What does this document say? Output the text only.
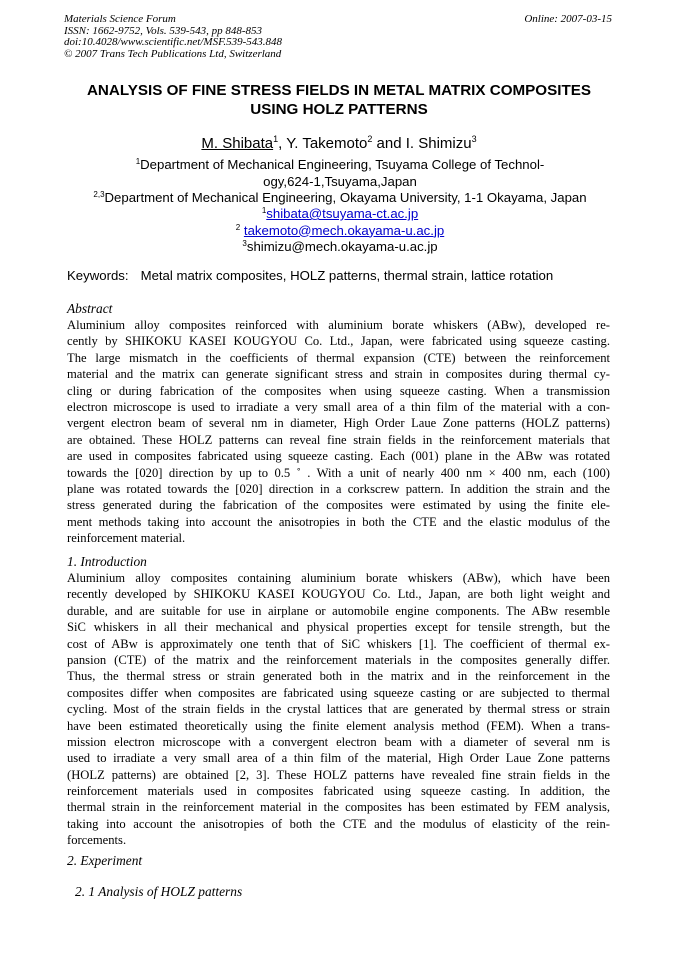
Materials Science Forum
ISSN: 1662-9752, Vols. 539-543, pp 848-853
doi:10.4028/www.scientific.net/MSF.539-543.848
© 2007 Trans Tech Publications Ltd, Switzerland
Online: 2007-03-15
ANALYSIS OF FINE STRESS FIELDS IN METAL MATRIX COMPOSITES
USING HOLZ PATTERNS
M. Shibata$^1$, Y. Takemoto$^2$ and I. Shimizu$^3$
$^1$Department of Mechanical Engineering, Tsuyama College of Technol-
ogy,624-1,Tsuyama,Japan
$^{2,3}$Department of Mechanical Engineering, Okayama University, 1-1 Okayama, Japan
$^1$shibata@tsuyama-ct.ac.jp
$^2$ takemoto@mech.okayama-u.ac.jp
$^3$shimizu@mech.okayama-u.ac.jp
Keywords: Metal matrix composites, HOLZ patterns, thermal strain, lattice rotation
Abstract
Aluminium alloy composites reinforced with aluminium borate whiskers (ABw), developed re-
cently by SHIKOKU KASEI KOUGYOU Co. Ltd., Japan, were fabricated using squeeze casting.
The large mismatch in the coefficients of thermal expansion (CTE) between the reinforcement
material and the matrix can generate significant stress and strain in composites during thermal cy-
cling or during fabrication of the composites when using squeeze casting. When a transmission
electron microscope is used to irradiate a very small area of a thin film of the material with a con-
vergent electron beam of several nm in diameter, High Order Laue Zone patterns (HOLZ patterns)
are obtained. These HOLZ patterns can reveal fine strain fields in the reinforcement materials that
are used in composites fabricated using squeeze casting. Each (001) plane in the ABw was rotated
towards the [020] direction by up to 0.5 ˚ . With a unit of nearly 400 nm × 400 nm, each (100)
plane was rotated towards the [020] direction in a corkscrew pattern. In addition the strain and the
stress generated during the fabrication of the composites were estimated by using the finite ele-
ment methods taking into account the anisotropies in both the CTE and the elastic modulus of the
reinforcement material.
1. Introduction
Aluminium alloy composites containing aluminium borate whiskers (ABw), which have been
recently developed by SHIKOKU KASEI KOUGYOU Co. Ltd., Japan, are both light weight and
durable, and are suitable for use in airplane or automobile engine components. The ABw resemble
SiC whiskers in all their mechanical and physical properties except for tensile strength, but the
cost of ABw is approximately one tenth that of SiC whiskers [1]. The coefficient of thermal ex-
pansion (CTE) of the matrix and the reinforcement materials in the composites generally differ.
Thus, the thermal stress or strain generated both in the matrix and in the reinforcement in the
composites differ when composites are fabricated using squeeze casting or are subjected to thermal
cycling. Most of the strain fields in the crystal lattices that are generated by thermal stress or strain
have been estimated theoretically using the finite element analysis method (FEM). When a trans-
mission electron microscope with a convergent electron beam with a diameter of several nm is
used to irradiate a very small area of a thin film of the material, High Order Laue Zone patterns
(HOLZ patterns) are obtained [2, 3]. These HOLZ patterns have revealed fine strain fields in the
reinforcement materials used in composites fabricated using squeeze casting. In addition, the
thermal strain in the reinforcement material in the composites has been estimated by FEM analysis,
taking into account the anisotropies of both the CTE and the modulus of elasticity of the rein-
forcements.
2. Experiment
2. 1 Analysis of HOLZ patterns
